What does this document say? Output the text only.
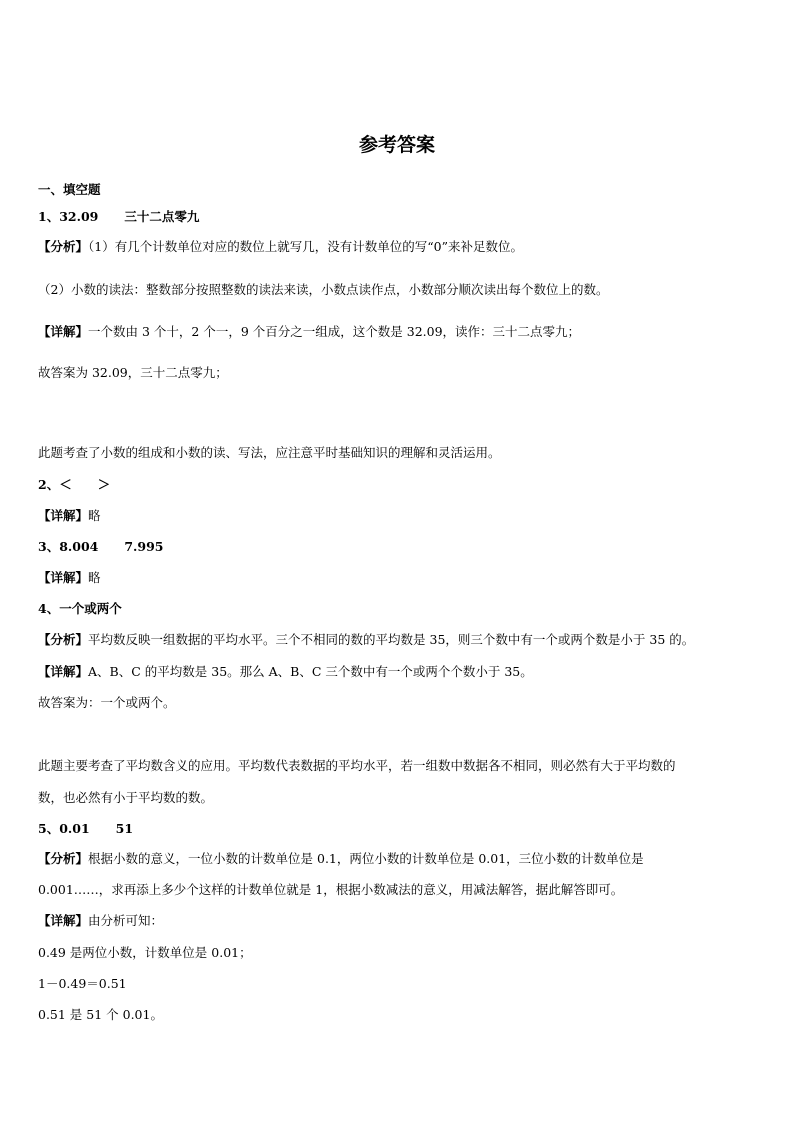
参考答案
一、填空题
1、32.09 三十二点零九
【分析】（1）有几个计数单位对应的数位上就写几，没有计数单位的写“0”来补足数位。
（2）小数的读法：整数部分按照整数的读法来读，小数点读作点，小数部分顺次读出每个数位上的数。
【详解】一个数由 3 个十，2 个一，9 个百分之一组成，这个数是 32.09，读作：三十二点零九；
故答案为 32.09，三十二点零九；
此题考查了小数的组成和小数的读、写法，应注意平时基础知识的理解和灵活运用。
2、＜ ＞
【详解】略
3、8.004 7.995
【详解】略
4、一个或两个
【分析】平均数反映一组数据的平均水平。三个不相同的数的平均数是 35，则三个数中有一个或两个数是小于 35 的。
【详解】A、B、C 的平均数是 35。那么 A、B、C 三个数中有一个或两个个数小于 35。
故答案为：一个或两个。
此题主要考查了平均数含义的应用。平均数代表数据的平均水平，若一组数中数据各不相同，则必然有大于平均数的
数，也必然有小于平均数的数。
5、0.01 51
【分析】根据小数的意义，一位小数的计数单位是 0.1，两位小数的计数单位是 0.01，三位小数的计数单位是
0.001……，求再添上多少个这样的计数单位就是 1，根据小数减法的意义，用减法解答，据此解答即可。
【详解】由分析可知：
0.49 是两位小数，计数单位是 0.01；
1－0.49＝0.51
0.51 是 51 个 0.01。
